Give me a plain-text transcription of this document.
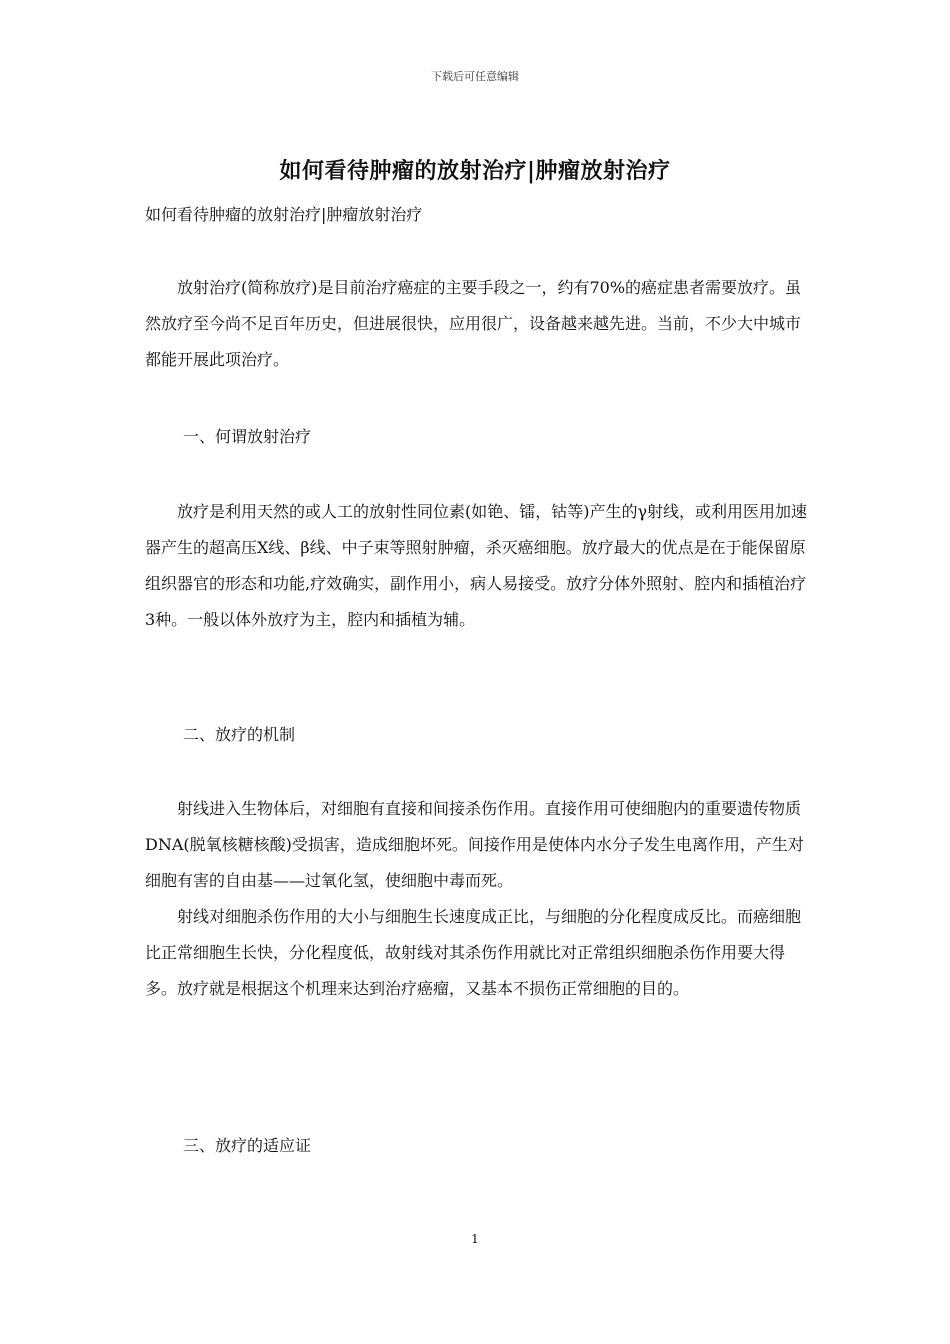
下载后可任意编辑
如何看待肿瘤的放射治疗|肿瘤放射治疗
如何看待肿瘤的放射治疗|肿瘤放射治疗

放射治疗(简称放疗)是目前治疗癌症的主要手段之一，约有70%的癌症患者需要放疗。虽然放疗至今尚不足百年历史，但进展很快，应用很广，设备越来越先进。当前，不少大中城市都能开展此项治疗。

一、何谓放射治疗

放疗是利用天然的或人工的放射性同位素(如铯、镭，钴等)产生的γ射线，或利用医用加速器产生的超高压X线、β线、中子束等照射肿瘤，杀灭癌细胞。放疗最大的优点是在于能保留原组织器官的形态和功能,疗效确实，副作用小，病人易接受。放疗分体外照射、腔内和插植治疗3种。一般以体外放疗为主，腔内和插植为辅。

二、放疗的机制

射线进入生物体后，对细胞有直接和间接杀伤作用。直接作用可使细胞内的重要遗传物质DNA(脱氧核糖核酸)受损害，造成细胞坏死。间接作用是使体内水分子发生电离作用，产生对细胞有害的自由基——过氧化氢，使细胞中毒而死。

射线对细胞杀伤作用的大小与细胞生长速度成正比，与细胞的分化程度成反比。而癌细胞比正常细胞生长快，分化程度低，故射线对其杀伤作用就比对正常组织细胞杀伤作用要大得多。放疗就是根据这个机理来达到治疗癌瘤，又基本不损伤正常细胞的目的。

三、放疗的适应证
1
